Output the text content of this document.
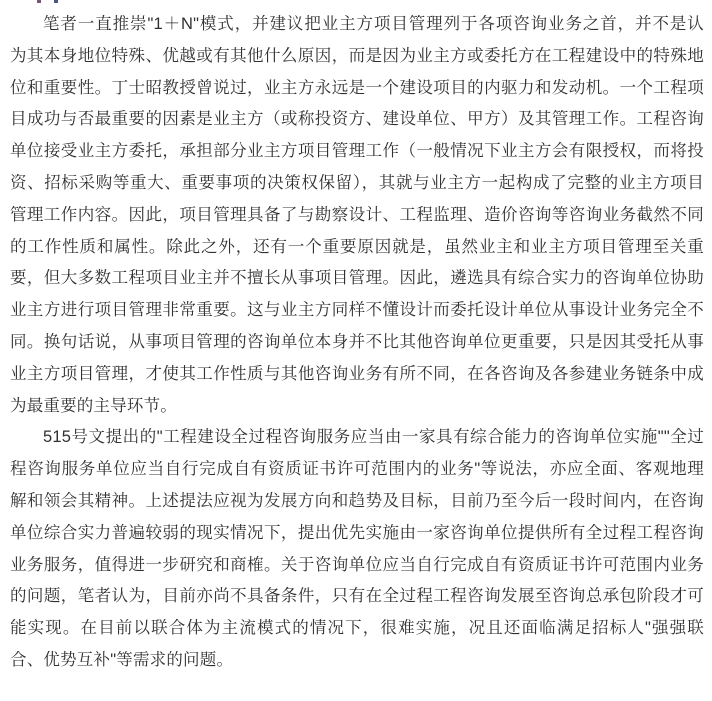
笔者一直推崇"1＋N"模式，并建议把业主方项目管理列于各项咨询业务之首，并不是认
为其本身地位特殊、优越或有其他什么原因，而是因为业主方或委托方在工程建设中的特殊地
位和重要性。丁士昭教授曾说过，业主方永远是一个建设项目的内驱力和发动机。一个工程项
目成功与否最重要的因素是业主方（或称投资方、建设单位、甲方）及其管理工作。工程咨询
单位接受业主方委托，承担部分业主方项目管理工作（一般情况下业主方会有限授权，而将投
资、招标采购等重大、重要事项的决策权保留），其就与业主方一起构成了完整的业主方项目
管理工作内容。因此，项目管理具备了与勘察设计、工程监理、造价咨询等咨询业务截然不同
的工作性质和属性。除此之外，还有一个重要原因就是，虽然业主和业主方项目管理至关重
要，但大多数工程项目业主并不擅长从事项目管理。因此，遴选具有综合实力的咨询单位协助
业主方进行项目管理非常重要。这与业主方同样不懂设计而委托设计单位从事设计业务完全不
同。换句话说，从事项目管理的咨询单位本身并不比其他咨询单位更重要，只是因其受托从事
业主方项目管理，才使其工作性质与其他咨询业务有所不同，在各咨询及各参建业务链条中成
为最重要的主导环节。
515号文提出的"工程建设全过程咨询服务应当由一家具有综合能力的咨询单位实施""全过
程咨询服务单位应当自行完成自有资质证书许可范围内的业务"等说法，亦应全面、客观地理
解和领会其精神。上述提法应视为发展方向和趋势及目标，目前乃至今后一段时间内，在咨询
单位综合实力普遍较弱的现实情况下，提出优先实施由一家咨询单位提供所有全过程工程咨询
业务服务，值得进一步研究和商榷。关于咨询单位应当自行完成自有资质证书许可范围内业务
的问题，笔者认为，目前亦尚不具备条件，只有在全过程工程咨询发展至咨询总承包阶段才可
能实现。在目前以联合体为主流模式的情况下，很难实施，况且还面临满足招标人"强强联
合、优势互补"等需求的问题。
